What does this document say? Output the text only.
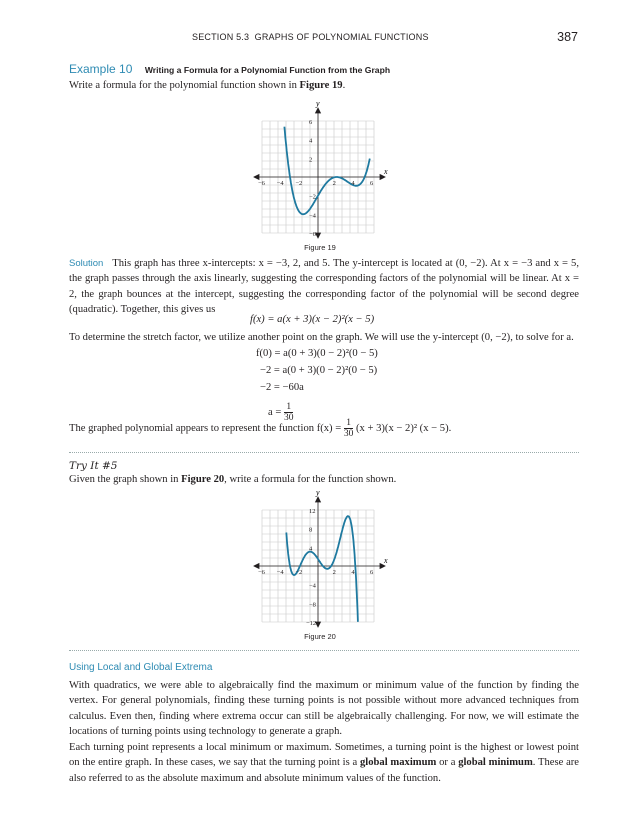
SECTION 5.3 GRAPHS OF POLYNOMIAL FUNCTIONS	387
Example 10 Writing a Formula for a Polynomial Function from the Graph
Write a formula for the polynomial function shown in Figure 19.
−6 −4 −2	2 4 6
6
4
2
−2
−4
−6
x
y
Figure 19
Solution This graph has three x-intercepts: x = −3, 2, and 5. The y-intercept is located at (0, −2). At x = −3 and x = 5, the graph passes through the axis linearly, suggesting the corresponding factors of the polynomial will be linear. At x = 2, the graph bounces at the intercept, suggesting the corresponding factor of the polynomial will be second degree (quadratic). Together, this gives us
f(x) = a(x + 3)(x − 2)²(x − 5)
To determine the stretch factor, we utilize another point on the graph. We will use the y-intercept (0, −2), to solve for a.
f(0) = a(0 + 3)(0 − 2)²(0 − 5)
−2 = a(0 + 3)(0 − 2)²(0 − 5)
−2 = −60a
$a = \frac{1}{30}$
The graphed polynomial appears to represent the function $f(x) = \frac{1}{30} (x + 3)(x - 2)^2$ (x − 5).
Try It #5
Given the graph shown in Figure 20, write a formula for the function shown.
−6 −4 −2	2 4 6
12
8
4
−4
−8
−12
x
y
Figure 20
Using Local and Global Extrema
With quadratics, we were able to algebraically find the maximum or minimum value of the function by finding the vertex. For general polynomials, finding these turning points is not possible without more advanced techniques from calculus. Even then, finding where extrema occur can still be algebraically challenging. For now, we will estimate the locations of turning points using technology to generate a graph.
Each turning point represents a local minimum or maximum. Sometimes, a turning point is the highest or lowest point on the entire graph. In these cases, we say that the turning point is a global maximum or a global minimum. These are also referred to as the absolute maximum and absolute minimum values of the function.
